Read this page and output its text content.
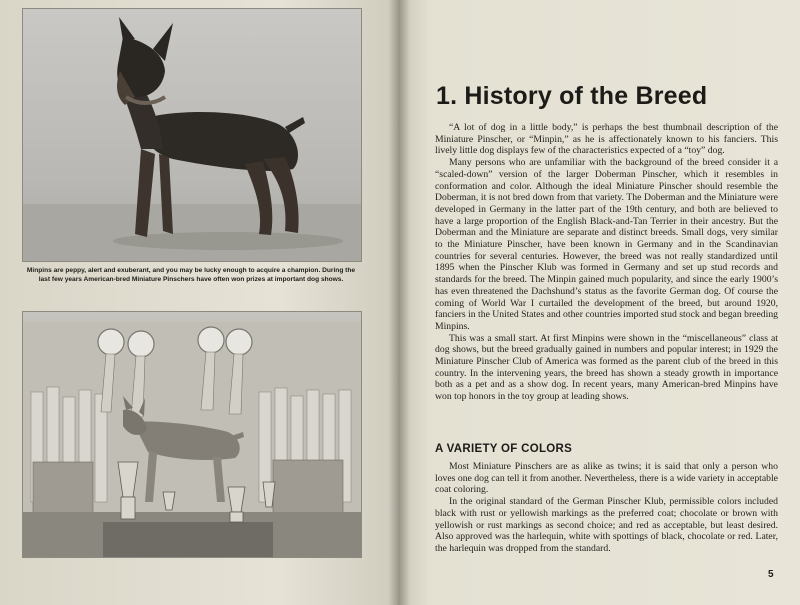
Minpins are peppy, alert and exuberant, and you may be lucky enough to acquire a champion. During the last few years American-bred Miniature Pinschers have often won prizes at important dog shows.
1. History of the Breed

“A lot of dog in a little body,” is perhaps the best thumbnail description of the Miniature Pinscher, or “Minpin,” as he is affectionately known to his fanciers. This lively little dog displays few of the characteristics expected of a “toy” dog.

Many persons who are unfamiliar with the background of the breed consider it a “scaled-down” version of the larger Doberman Pinscher, which it resembles in conformation and color. Although the ideal Miniature Pinscher should resemble the Doberman, it is not bred down from that variety. The Doberman and the Miniature were developed in Germany in the latter part of the 19th century, and both are believed to have a large proportion of the English Black-and-Tan Terrier in their ancestry. But the Doberman and the Miniature are separate and distinct breeds. Small dogs, very similar to the Miniature Pinscher, have been known in Germany and in the Scandinavian countries for several centuries. However, the breed was not really standardized until 1895 when the Pinscher Klub was formed in Germany and set up stud records and standards for the breed. The Minpin gained much popularity, and since the early 1900’s has even threatened the Dachshund’s status as the favorite German dog. Of course the coming of World War I curtailed the development of the breed, but around 1920, fanciers in the United States and other countries imported stud stock and began breeding Minpins.

This was a small start. At first Minpins were shown in the “miscellaneous” class at dog shows, but the breed gradually gained in numbers and popular interest; in 1929 the Miniature Pinscher Club of America was formed as the parent club of the breed in this country. In the intervening years, the breed has shown a steady growth in importance both as a pet and as a show dog. In recent years, many American-bred Minpins have won top honors in the toy group at leading shows.

A VARIETY OF COLORS

Most Miniature Pinschers are as alike as twins; it is said that only a person who loves one dog can tell it from another. Nevertheless, there is a wide variety in acceptable coat coloring.

In the original standard of the German Pinscher Klub, permissible colors included black with rust or yellowish markings as the preferred coat; chocolate or brown with yellowish or rust markings as second choice; and red as acceptable, but least desired. Also approved was the harlequin, white with spottings of black, chocolate or red. Later, the harlequin was dropped from the standard.

5
